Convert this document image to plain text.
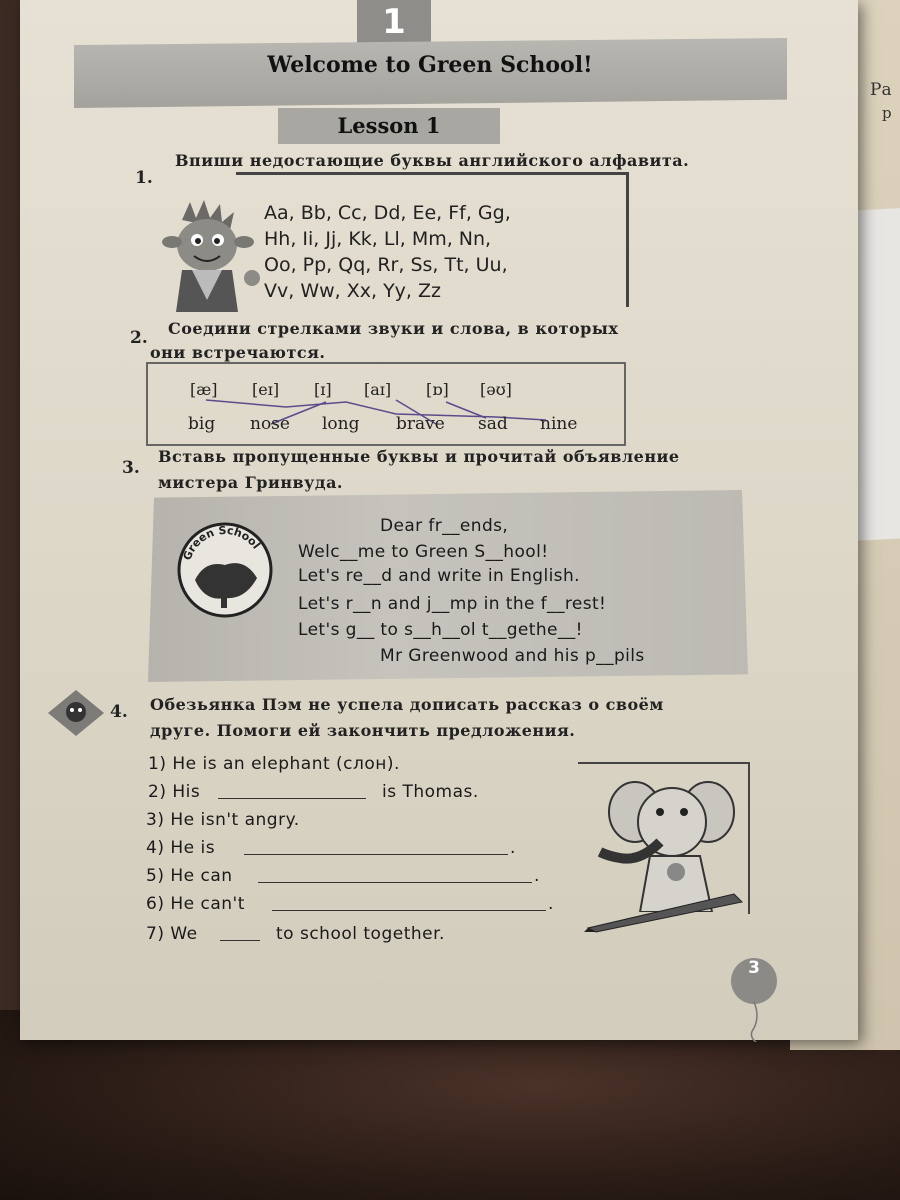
Ра
р
1
Welcome to Green School!
Lesson 1
1.
Впиши недостающие буквы английского алфавита.
Aa, Bb, Cc, Dd, Ee, Ff, Gg,
Hh, Ii, Jj, Kk, Ll, Mm, Nn,
Oo, Pp, Qq, Rr, Ss, Tt, Uu,
Vv, Ww, Xx, Yy, Zz
2. Соедини стрелками звуки и слова, в которых
они встречаются.
[æ] [eɪ] [ɪ] [aɪ] [ɒ] [əʊ]
big nose long brave sad nine
3.
Вставь пропущенные буквы и прочитай объявление
мистера Гринвуда.
Green School
Dear fr__ends,
Welc__me to Green S__hool!
Let's re__d and write in English.
Let's r__n and j__mp in the f__rest!
Let's g__ to s__h__ol t__gethe__!
Mr Greenwood and his p__pils
4. Обезьянка Пэм не успела дописать рассказ о своём
друге. Помоги ей закончить предложения.
1) He is an elephant (слон).
2) His	is Thomas.
3) He isn't angry.
4) He is	.
5) He can	.
6) He can't	.
7) We	to school together.
3
